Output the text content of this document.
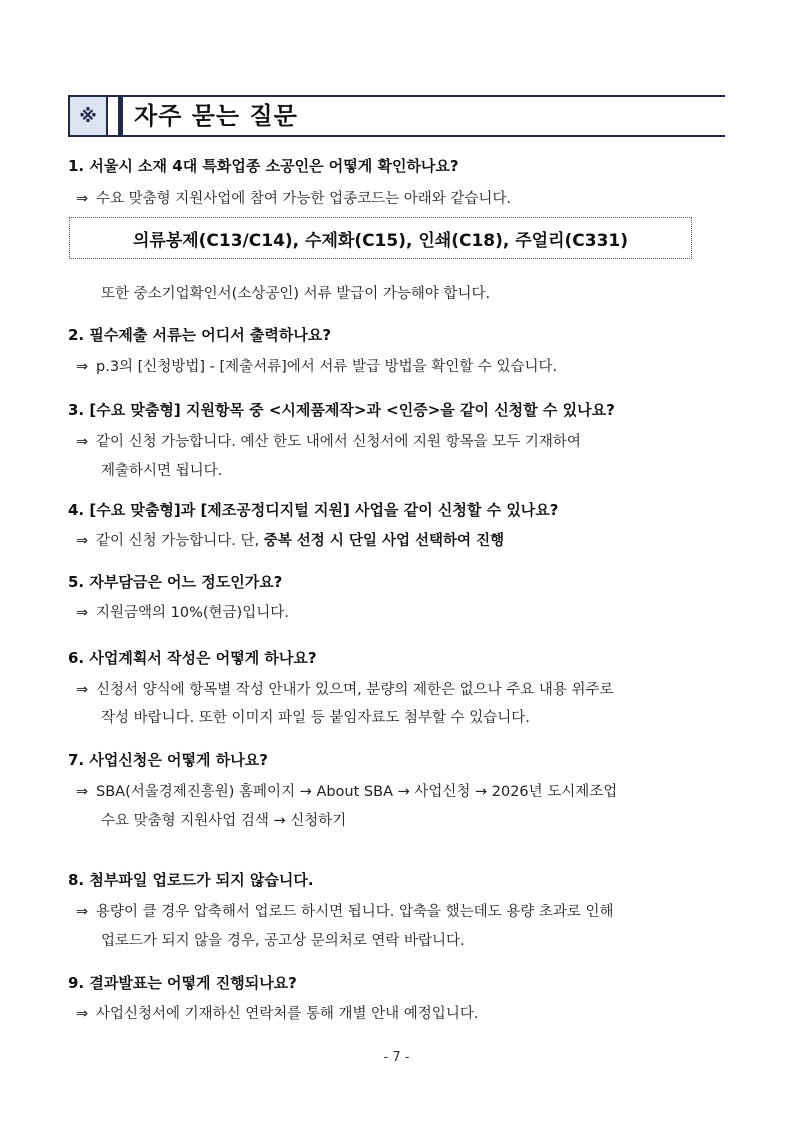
※	자주 묻는 질문
1. 서울시 소재 4대 특화업종 소공인은 어떻게 확인하나요?
⇒ 수요 맞춤형 지원사업에 참여 가능한 업종코드는 아래와 같습니다.
의류봉제(C13/C14), 수제화(C15), 인쇄(C18), 주얼리(C331)
또한 중소기업확인서(소상공인) 서류 발급이 가능해야 합니다.
2. 필수제출 서류는 어디서 출력하나요?
⇒ p.3의 [신청방법] - [제출서류]에서 서류 발급 방법을 확인할 수 있습니다.
3. [수요 맞춤형] 지원항목 중 <시제품제작>과 <인증>을 같이 신청할 수 있나요?
⇒ 같이 신청 가능합니다. 예산 한도 내에서 신청서에 지원 항목을 모두 기재하여
제출하시면 됩니다.
4. [수요 맞춤형]과 [제조공정디지털 지원] 사업을 같이 신청할 수 있나요?
⇒ 같이 신청 가능합니다. 단, 중복 선정 시 단일 사업 선택하여 진행
5. 자부담금은 어느 정도인가요?
⇒ 지원금액의 10%(현금)입니다.
6. 사업계획서 작성은 어떻게 하나요?
⇒ 신청서 양식에 항목별 작성 안내가 있으며, 분량의 제한은 없으나 주요 내용 위주로
작성 바랍니다. 또한 이미지 파일 등 붙임자료도 첨부할 수 있습니다.
7. 사업신청은 어떻게 하나요?
⇒ SBA(서울경제진흥원) 홈페이지 → About SBA → 사업신청 → 2026년 도시제조업
수요 맞춤형 지원사업 검색 → 신청하기
8. 첨부파일 업로드가 되지 않습니다.
⇒ 용량이 클 경우 압축해서 업로드 하시면 됩니다. 압축을 했는데도 용량 초과로 인해
업로드가 되지 않을 경우, 공고상 문의처로 연락 바랍니다.
9. 결과발표는 어떻게 진행되나요?
⇒ 사업신청서에 기재하신 연락처를 통해 개별 안내 예정입니다.
- 7 -
